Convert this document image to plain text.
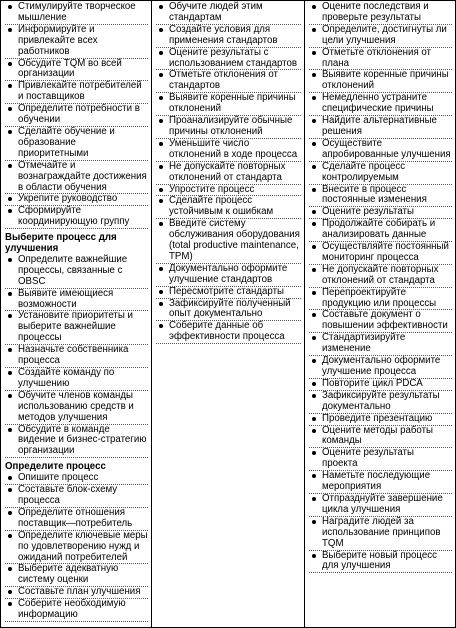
Стимулируйте творческое мышление
Информируйте и привлекайте всех работников
Обсудите TQM во всей организации
Привлекайте потребителей и поставщиков
Определите потребности в обучении
Сделайте обучение и образование приоритетными
Отмечайте и вознаграждайте достижения в области обучения
Укрепите руководство
Сформируйте координирующую группу
Выберите процесс для улучшения
Определите важнейшие процессы, связанные с OBSC
Выявите имеющиеся возможности
Установите приоритеты и выберите важнейшие процессы
Назначьте собственника процесса
Создайте команду по улучшению
Обучите членов команды использованию средств и методов улучшения
Обсудите в команде видение и бизнес-стратегию организации
Определите процесс
Опишите процесс
Составьте блок-схему процесса
Определите отношения поставщик—потребитель
Определите ключевые меры по удовлетворению нужд и ожиданий потребителей
Выберите адекватную систему оценки
Составьте план улучшения
Соберите необходимую информацию
Обучите людей этим стандартам
Создайте условия для применения стандартов
Оцените результаты с использованием стандартов
Отметьте отклонения от стандартов
Выявите коренные причины отклонений
Проанализируйте обычные причины отклонений
Уменьшите число отклонений в ходе процесса
Не допускайте повторных отклонений от стандарта
Упростите процесс
Сделайте процесс устойчивым к ошибкам
Введите систему обслуживания оборудования (total productive maintenance, TPM)
Документально оформите улучшение стандартов
Пересмотрите стандарты
Зафиксируйте полученный опыт документально
Соберите данные об эффективности процесса
Оцените последствия и проверьте результаты
Определите, достигнуты ли цели улучшения
Отметьте отклонения от плана
Выявите коренные причины отклонений
Немедленно устраните специфические причины
Найдите альтернативные решения
Осуществите апробированные улучшения
Сделайте процесс контролируемым
Внесите в процесс постоянные изменения
Оцените результаты
Продолжайте собирать и анализировать данные
Осуществляйте постоянный мониторинг процесса
Не допускайте повторных отклонений от стандарта
Перепроектируйте продукцию или процессы
Составьте документ о повышении эффективности
Стандартизируйте изменение
Документально оформите улучшение процесса
Повторите цикл PDCA
Зафиксируйте результаты документально
Проведите презентацию
Оцените методы работы команды
Оцените результаты проекта
Наметьте последующие мероприятия
Отпразднуйте завершение цикла улучшения
Наградите людей за использование принципов TQM
Выберите новый процесс для улучшения
